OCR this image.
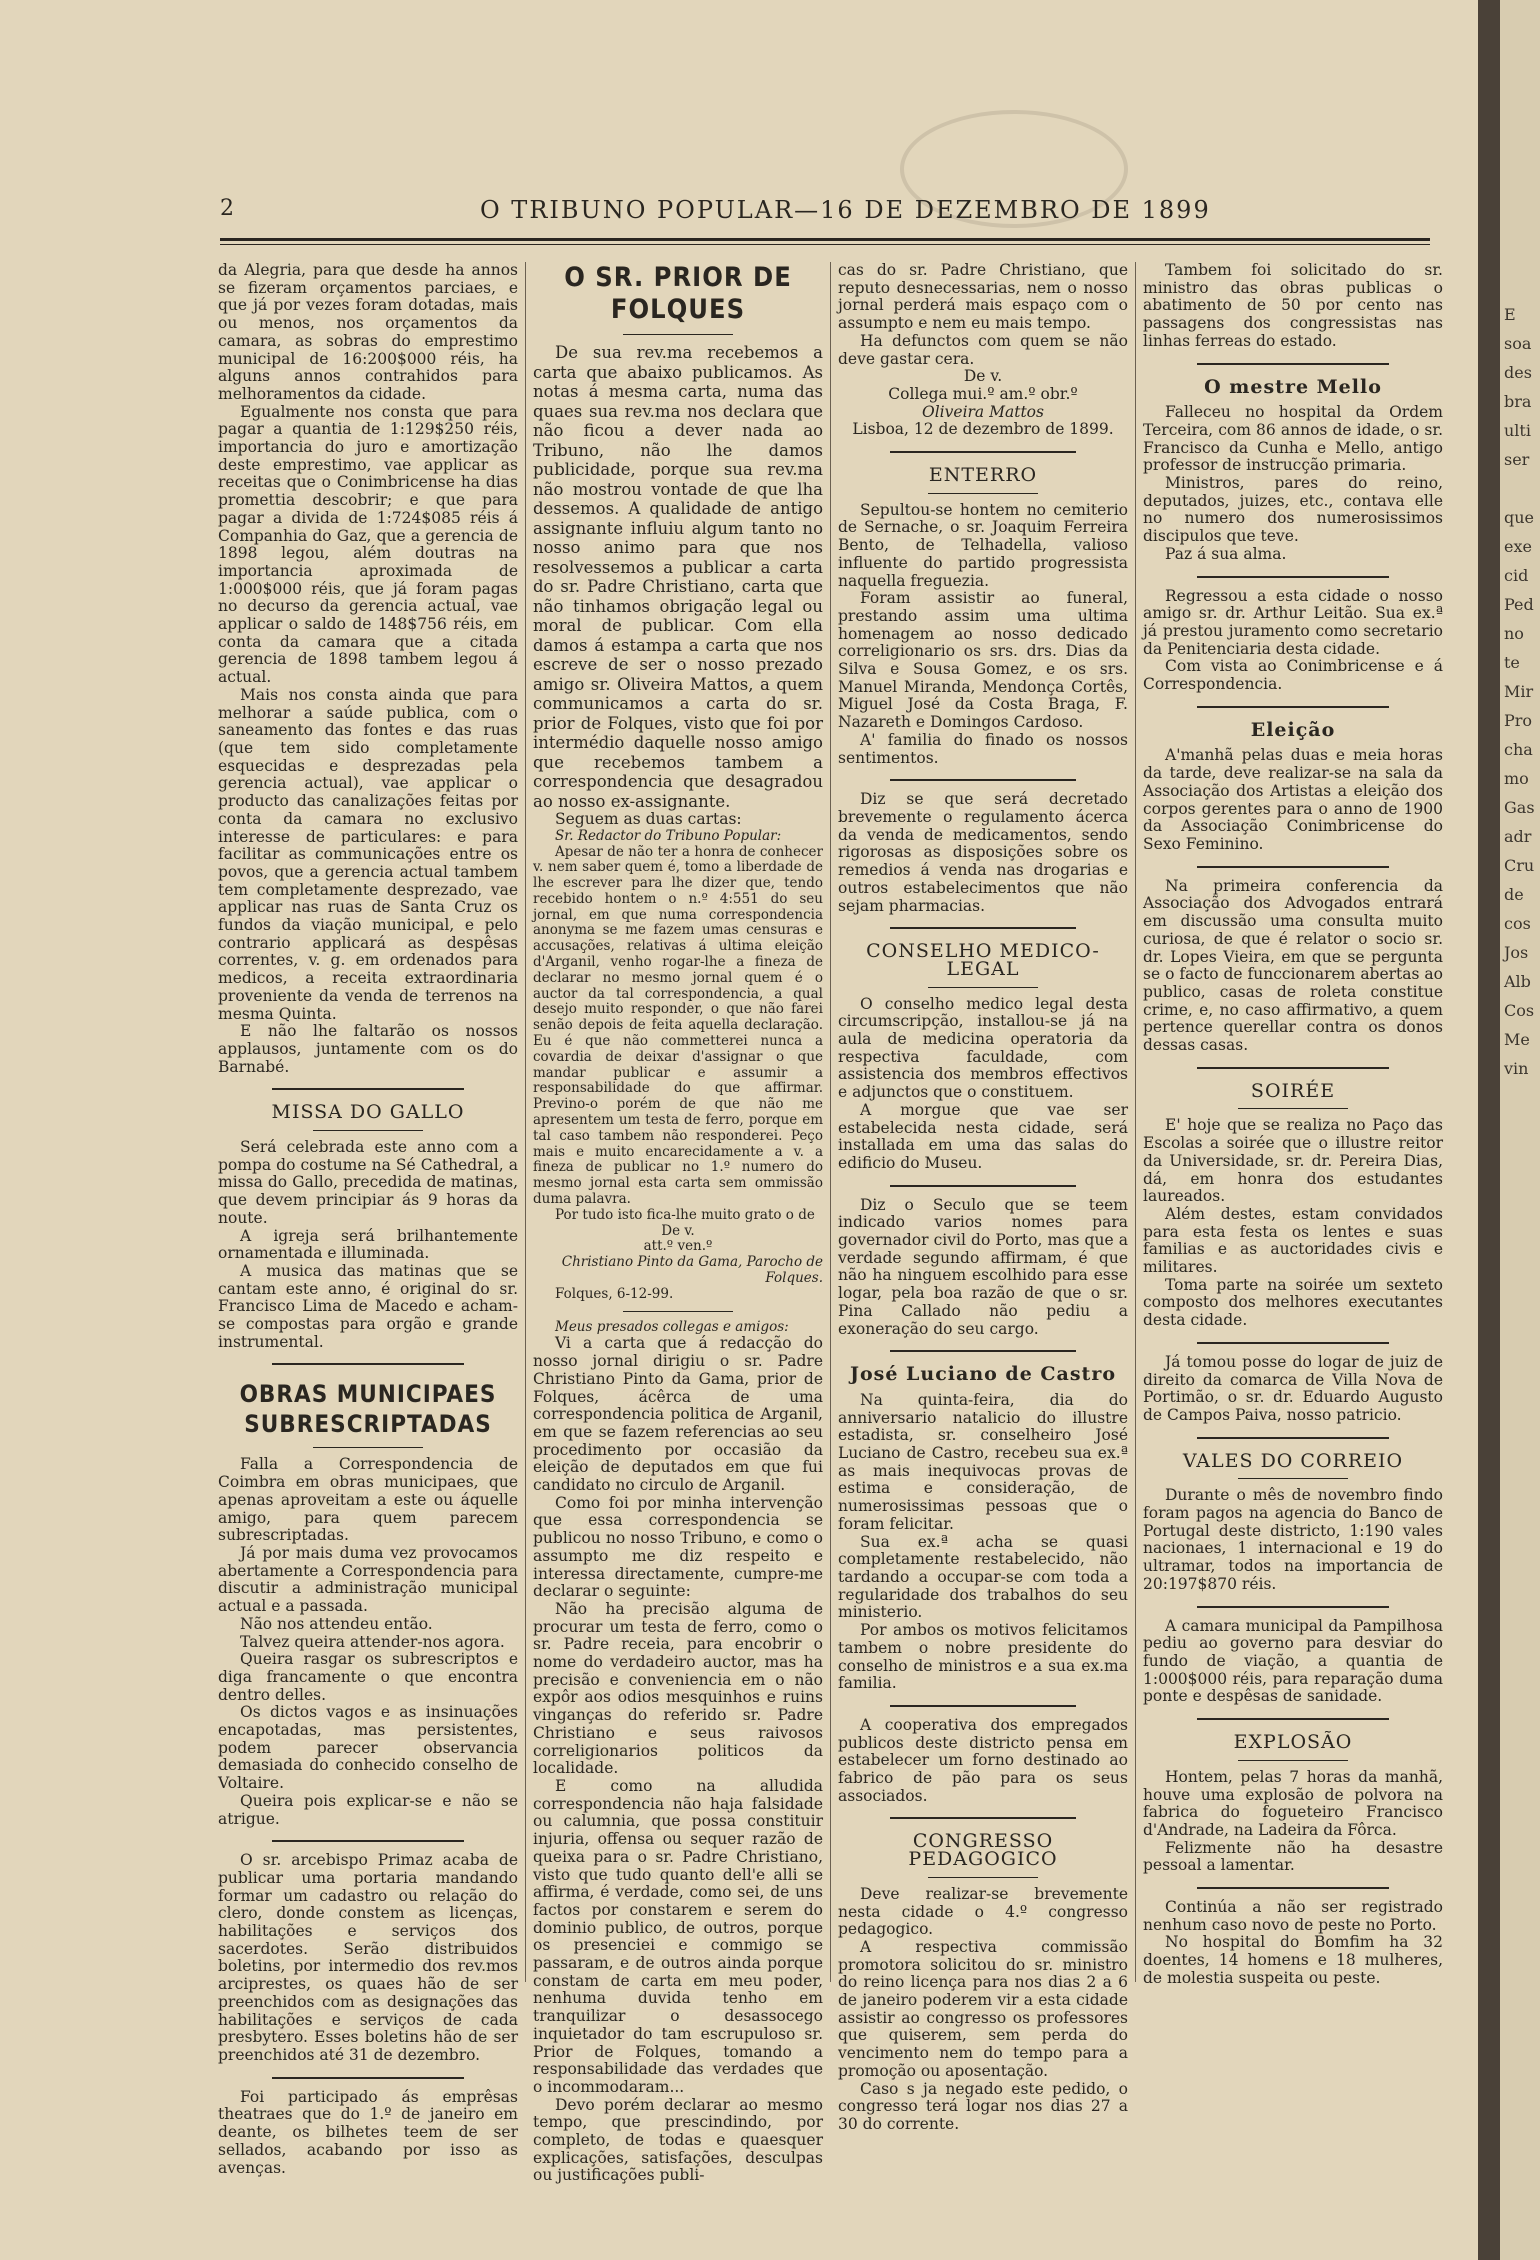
2	O TRIBUNO POPULAR—16 DE DEZEMBRO DE 1899

da Alegria, para que desde ha annos se fizeram orçamentos parciaes, e que já por vezes foram dotadas, mais ou menos, nos orçamentos da camara, as sobras do emprestimo municipal de 16:200$000 réis, ha alguns annos contrahidos para melhoramentos da cidade.

Egualmente nos consta que para pagar a quantia de 1:129$250 réis, importancia do juro e amortização deste emprestimo, vae applicar as receitas que o Conimbricense ha dias promettia descobrir; e que para pagar a divida de 1:724$085 réis á Companhia do Gaz, que a gerencia de 1898 legou, além doutras na importancia aproximada de 1:000$000 réis, que já foram pagas no decurso da gerencia actual, vae applicar o saldo de 148$756 réis, em conta da camara que a citada gerencia de 1898 tambem legou á actual.

Mais nos consta ainda que para melhorar a saúde publica, com o saneamento das fontes e das ruas (que tem sido completamente esquecidas e desprezadas pela gerencia actual), vae applicar o producto das canalizações feitas por conta da camara no exclusivo interesse de particulares: e para facilitar as communicações entre os povos, que a gerencia actual tambem tem completamente desprezado, vae applicar nas ruas de Santa Cruz os fundos da viação municipal, e pelo contrario applicará as despêsas correntes, v. g. em ordenados para medicos, a receita extraordinaria proveniente da venda de terrenos na mesma Quinta.

E não lhe faltarão os nossos applausos, juntamente com os do Barnabé.

MISSA DO GALLO

Será celebrada este anno com a pompa do costume na Sé Cathedral, a missa do Gallo, precedida de matinas, que devem principiar ás 9 horas da noute.

A igreja será brilhantemente ornamentada e illuminada.

A musica das matinas que se cantam este anno, é original do sr. Francisco Lima de Macedo e acham-se compostas para orgão e grande instrumental.

OBRAS MUNICIPAES SUBRESCRIPTADAS

Falla a Correspondencia de Coimbra em obras municipaes, que apenas aproveitam a este ou áquelle amigo, para quem parecem subrescriptadas.

Já por mais duma vez provocamos abertamente a Correspondencia para discutir a administração municipal actual e a passada.

Não nos attendeu então.

Talvez queira attender-nos agora.

Queira rasgar os subrescriptos e diga francamente o que encontra dentro delles.

Os dictos vagos e as insinuações encapotadas, mas persistentes, podem parecer observancia demasiada do conhecido conselho de Voltaire.

Queira pois explicar-se e não se atrigue.

O sr. arcebispo Primaz acaba de publicar uma portaria mandando formar um cadastro ou relação do clero, donde constem as licenças, habilitações e serviços dos sacerdotes. Serão distribuidos boletins, por intermedio dos rev.mos arciprestes, os quaes hão de ser preenchidos com as designações das habilitações e serviços de cada presbytero. Esses boletins hão de ser preenchidos até 31 de dezembro.

Foi participado ás emprêsas theatraes que do 1.º de janeiro em deante, os bilhetes teem de ser sellados, acabando por isso as avenças.

O SR. PRIOR DE FOLQUES

De sua rev.ma recebemos a carta que abaixo publicamos. As notas á mesma carta, numa das quaes sua rev.ma nos declara que não ficou a dever nada ao Tribuno, não lhe damos publicidade, porque sua rev.ma não mostrou vontade de que lha dessemos. A qualidade de antigo assignante influiu algum tanto no nosso animo para que nos resolvessemos a publicar a carta do sr. Padre Christiano, carta que não tinhamos obrigação legal ou moral de publicar. Com ella damos á estampa a carta que nos escreve de ser o nosso prezado amigo sr. Oliveira Mattos, a quem communicamos a carta do sr. prior de Folques, visto que foi por intermédio daquelle nosso amigo que recebemos tambem a correspondencia que desagradou ao nosso ex-assignante.

Seguem as duas cartas:

Sr. Redactor do Tribuno Popular:

Apesar de não ter a honra de conhecer v. nem saber quem é, tomo a liberdade de lhe escrever para lhe dizer que, tendo recebido hontem o n.º 4:551 do seu jornal, em que numa correspondencia anonyma se me fazem umas censuras e accusações, relativas á ultima eleição d'Arganil, venho rogar-lhe a finezа de declarar no mesmo jornal quem é o auctor da tal correspondencia, a qual desejo muito responder, o que não farei senão depois de feita aquella declaração. Eu é que não commetterei nunca a covardia de deixar d'assignar o que mandar publicar e assumir a responsabilidade do que affirmar. Previno-o porém de que não me apresentem um testa de ferro, porque em tal caso tambem não responderei. Peço mais e muito encarecidamente a v. a fineza de publicar no 1.º numero do mesmo jornal esta carta sem ommissão duma palavra.

Por tudo isto fica-lhe muito grato o de

De v.

att.º ven.º

Christiano Pinto da Gama, Parocho de Folques.

Folques, 6-12-99.

Meus presados collegas e amigos:

Vi a carta que á redacção do nosso jornal dirigiu o sr. Padre Christiano Pinto da Gama, prior de Folques, ácêrca de uma correspondencia politica de Arganil, em que se fazem referencias ao seu procedimento por occasião da eleição de deputados em que fui candidato no circulo de Arganil.

Como foi por minha intervenção que essa correspondencia se publicou no nosso Tribuno, e como o assumpto me diz respeito e interessa directamente, cumpre-me declarar o seguinte:

Não ha precisão alguma de procurar um testa de ferro, como o sr. Padre receia, para encobrir o nome do verdadeiro auctor, mas ha precisão e conveniencia em o não expôr aos odios mesquinhos e ruins vinganças do referido sr. Padre Christiano e seus raivosos correligionarios politicos da localidade.

E como na alludida correspondencia não haja falsidade ou calumnia, que possa constituir injuria, offensa ou sequer razão de queixa para o sr. Padre Christiano, visto que tudo quanto dell'e alli se affirma, é verdade, como sei, de uns factos por constarem e serem do dominio publico, de outros, porque os presenciei e commigo se passaram, e de outros ainda porque constam de carta em meu poder, nenhuma duvida tenho em tranquilizar o desassocego inquietador do tam escrupuloso sr. Prior de Folques, tomando a responsabilidade das verdades que o incommodaram...

Devo porém declarar ao mesmo tempo, que prescindindo, por completo, de todas e quaesquer explicações, satisfações, desculpas ou justificações publi-

cas do sr. Padre Christiano, que reputo desnecessarias, nem o nosso jornal perderá mais espaço com o assumpto e nem eu mais tempo.

Ha defunctos com quem se não deve gastar cera.

De v.

Collega mui.º am.º obr.º

Oliveira Mattos

Lisboa, 12 de dezembro de 1899.

ENTERRO

Sepultou-se hontem no cemiterio de Sernache, o sr. Joaquim Ferreira Bento, de Telhadella, valioso influente do partido progressista naquella freguezia.

Foram assistir ao funeral, prestando assim uma ultima homenagem ao nosso dedicado correligionario os srs. drs. Dias da Silva e Sousa Gomez, e os srs. Manuel Miranda, Mendonça Cortês, Miguel José da Costa Braga, F. Nazareth e Domingos Cardoso.

A' familia do finado os nossos sentimentos.

Diz se que será decretado brevemente o regulamento ácerca da venda de medicamentos, sendo rigorosas as disposições sobre os remedios á venda nas drogarias e outros estabelecimentos que não sejam pharmacias.

CONSELHO MEDICO-LEGAL

O conselho medico legal desta circumscripção, installou-se já na aula de medicina operatoria da respectiva faculdade, com assistencia dos membros effectivos e adjunctos que o constituem.

A morgue que vae ser estabelecida nesta cidade, será installada em uma das salas do edificio do Museu.

Diz o Seculo que se teem indicado varios nomes para governador civil do Porto, mas que a verdade segundo affirmam, é que não ha ninguem escolhido para esse logar, pela boa razão de que o sr. Pina Callado não pediu a exoneração do seu cargo.

José Luciano de Castro

Na quinta-feira, dia do anniversario natalicio do illustre estadista, sr. conselheiro José Luciano de Castro, recebeu sua ex.ª as mais inequivocas provas de estima e consideração, de numerosissimas pessoas que o foram felicitar.

Sua ex.ª acha se quasi completamente restabelecido, não tardando a occupar-se com toda a regularidade dos trabalhos do seu ministerio.

Por ambos os motivos felicitamos tambem o nobre presidente do conselho de ministros e a sua ex.ma familia.

A cooperativa dos empregados publicos deste districto pensa em estabelecer um forno destinado ao fabrico de pão para os seus associados.

CONGRESSO PEDAGOGICO

Deve realizar-se brevemente nesta cidade o 4.º congresso pedagogico.

A respectiva commissão promotora solicitou do sr. ministro do reino licença para nos dias 2 a 6 de janeiro poderem vir a esta cidade assistir ao congresso os professores que quiserem, sem perda do vencimento nem do tempo para a promoção ou aposentação.

Caso s ja negado este pedido, o congresso terá logar nos dias 27 a 30 do corrente.

Tambem foi solicitado do sr. ministro das obras publicas o abatimento de 50 por cento nas passagens dos congressistas nas linhas ferreas do estado.

O mestre Mello

Falleceu no hospital da Ordem Terceira, com 86 annos de idade, o sr. Francisco da Cunha e Mello, antigo professor de instrucção primaria.

Ministros, pares do reino, deputados, juizes, etc., contava elle no numero dos numerosissimos discipulos que teve.

Paz á sua alma.

Regressou a esta cidade o nosso amigo sr. dr. Arthur Leitão. Sua ex.ª já prestou juramento como secretario da Penitenciaria desta cidade.

Com vista ao Conimbricense e á Correspondencia.

Eleição

A'manhã pelas duas e meia horas da tarde, deve realizar-se na sala da Associação dos Artistas a eleição dos corpos gerentes para o anno de 1900 da Associação Conimbricense do Sexo Feminino.

Na primeira conferencia da Associação dos Advogados entrará em discussão uma consulta muito curiosa, de que é relator o socio sr. dr. Lopes Vieira, em que se pergunta se o facto de funccionarem abertas ao publico, casas de roleta constitue crime, e, no caso affirmativo, a quem pertence querellar contra os donos dessas casas.

SOIRÉE

E' hoje que se realiza no Paço das Escolas a soirée que o illustre reitor da Universidade, sr. dr. Pereira Dias, dá, em honra dos estudantes laureados.

Além destes, estam convidados para esta festa os lentes e suas familias e as auctoridades civis e militares.

Toma parte na soirée um sexteto composto dos melhores executantes desta cidade.

Já tomou posse do logar de juiz de direito da comarca de Villa Nova de Portimão, o sr. dr. Eduardo Augusto de Campos Paiva, nosso patricio.

VALES DO CORREIO

Durante o mês de novembro findo foram pagos na agencia do Banco de Portugal deste districto, 1:190 vales nacionaes, 1 internacional e 19 do ultramar, todos na importancia de 20:197$870 réis.

A camara municipal da Pampilhosa pediu ao governo para desviar do fundo de viação, a quantia de 1:000$000 réis, para reparação duma ponte e despêsas de sanidade.

EXPLOSÃO

Hontem, pelas 7 horas da manhã, houve uma explosão de polvora na fabrica do fogueteiro Francisco d'Andrade, na Ladeira da Fôrca.

Felizmente não ha desastre pessoal a lamentar.

Continúa a não ser registrado nenhum caso novo de peste no Porto.

No hospital do Bomfim ha 32 doentes, 14 homens e 18 mulheres, de molestia suspeita ou peste.

E
soa
des
bra
ulti
ser

que
exe
cid
Ped
no
te
Mir
Pro
cha
mo
Gas
adr
Cru
de
cos
Jos
Alb
Cos
Me
vin
